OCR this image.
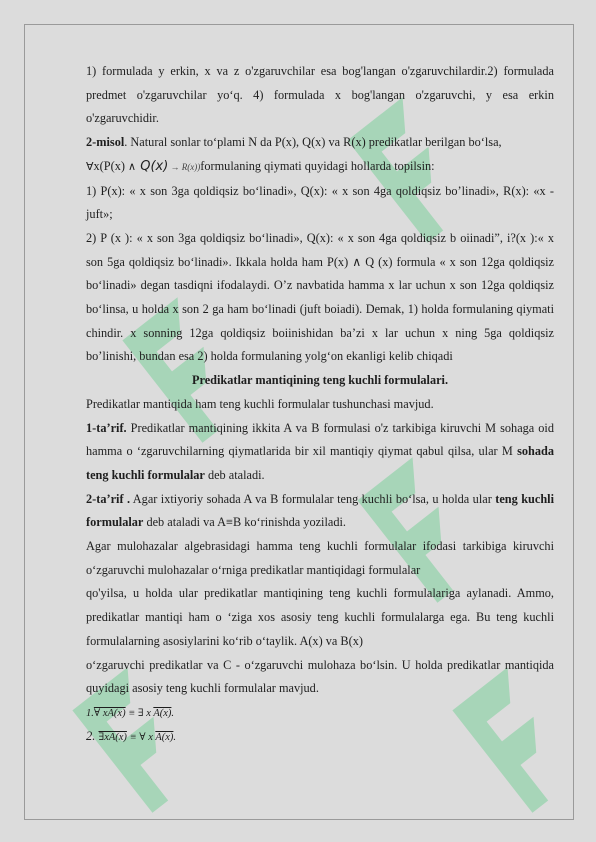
1) formulada y erkin, x va z o'zgaruvchilar esa bog'langan o'zgaruvchilardir.2) formulada predmet o'zgaruvchilar yo‘q. 4) formulada x bog'langan o'zgaruvchi, y esa erkin o'zgaruvchidir.

2-misol. Natural sonlar to‘plami N da P(x), Q(x) va R(x) predikatlar berilgan bo‘lsa,

∀x(P(x) ∧ Q(x) → R(x))formulaning qiymati quyidagi hollarda topilsin:

1) P(x): « x son 3ga qoldiqsiz bo‘linadi», Q(x): « x son 4ga qoldiqsiz bo’linadi», R(x): «x - juft»;

2) P (x ): « x son 3ga qoldiqsiz bo‘linadi», Q(x): « x son 4ga qoldiqsiz b oiinadi”, i?(x ):« x son 5ga qoldiqsiz bo‘linadi». Ikkala holda ham P(x) ∧ Q (x) formula « x son 12ga qoldiqsiz bo‘linadi» degan tasdiqni ifodalaydi. O’z navbatida hamma x lar uchun x son 12ga qoldiqsiz bo‘linsa, u holda x son 2 ga ham bo‘linadi (juft boiadi). Demak, 1) holda formulaning qiymati chindir. x sonning 12ga qoldiqsiz boiinishidan ba’zi x lar uchun x ning 5ga qoldiqsiz bo’linishi, bundan esa 2) holda formulaning yolg‘on ekanligi kelib chiqadi

Predikatlar mantiqining teng kuchli formulalari.

Predikatlar mantiqida ham teng kuchli formulalar tushunchasi mavjud.

1-ta’rif. Predikatlar mantiqining ikkita A va B formulasi o'z tarkibiga kiruvchi M sohaga oid hamma o ‘zgaruvchilarning qiymatlarida bir xil mantiqiy qiymat qabul qilsa, ular M sohada teng kuchli formulalar deb ataladi.

2-ta’rif . Agar ixtiyoriy sohada A va B formulalar teng kuchli bo‘lsa, u holda ular teng kuchli formulalar deb ataladi va A≡B ko‘rinishda yoziladi.

Agar mulohazalar algebrasidagi hamma teng kuchli formulalar ifodasi tarkibiga kiruvchi o‘zgaruvchi mulohazalar o‘rniga predikatlar mantiqidagi formulalar

qo'yilsa, u holda ular predikatlar mantiqining teng kuchli formulalariga aylanadi. Ammo, predikatlar mantiqi ham o ‘ziga xos asosiy teng kuchli formulalarga ega. Bu teng kuchli formulalarning asosiylarini ko‘rib o‘taylik. A(x) va B(x)

o‘zgaruvchi predikatlar va C - o‘zgaruvchi mulohaza bo‘lsin. U holda predikatlar mantiqida quyidagi asosiy teng kuchli formulalar mavjud.

1.∀ xA(x) ≡ ∃ x A(x).

2. ∃xA(x) ≡ ∀ x A(x).
